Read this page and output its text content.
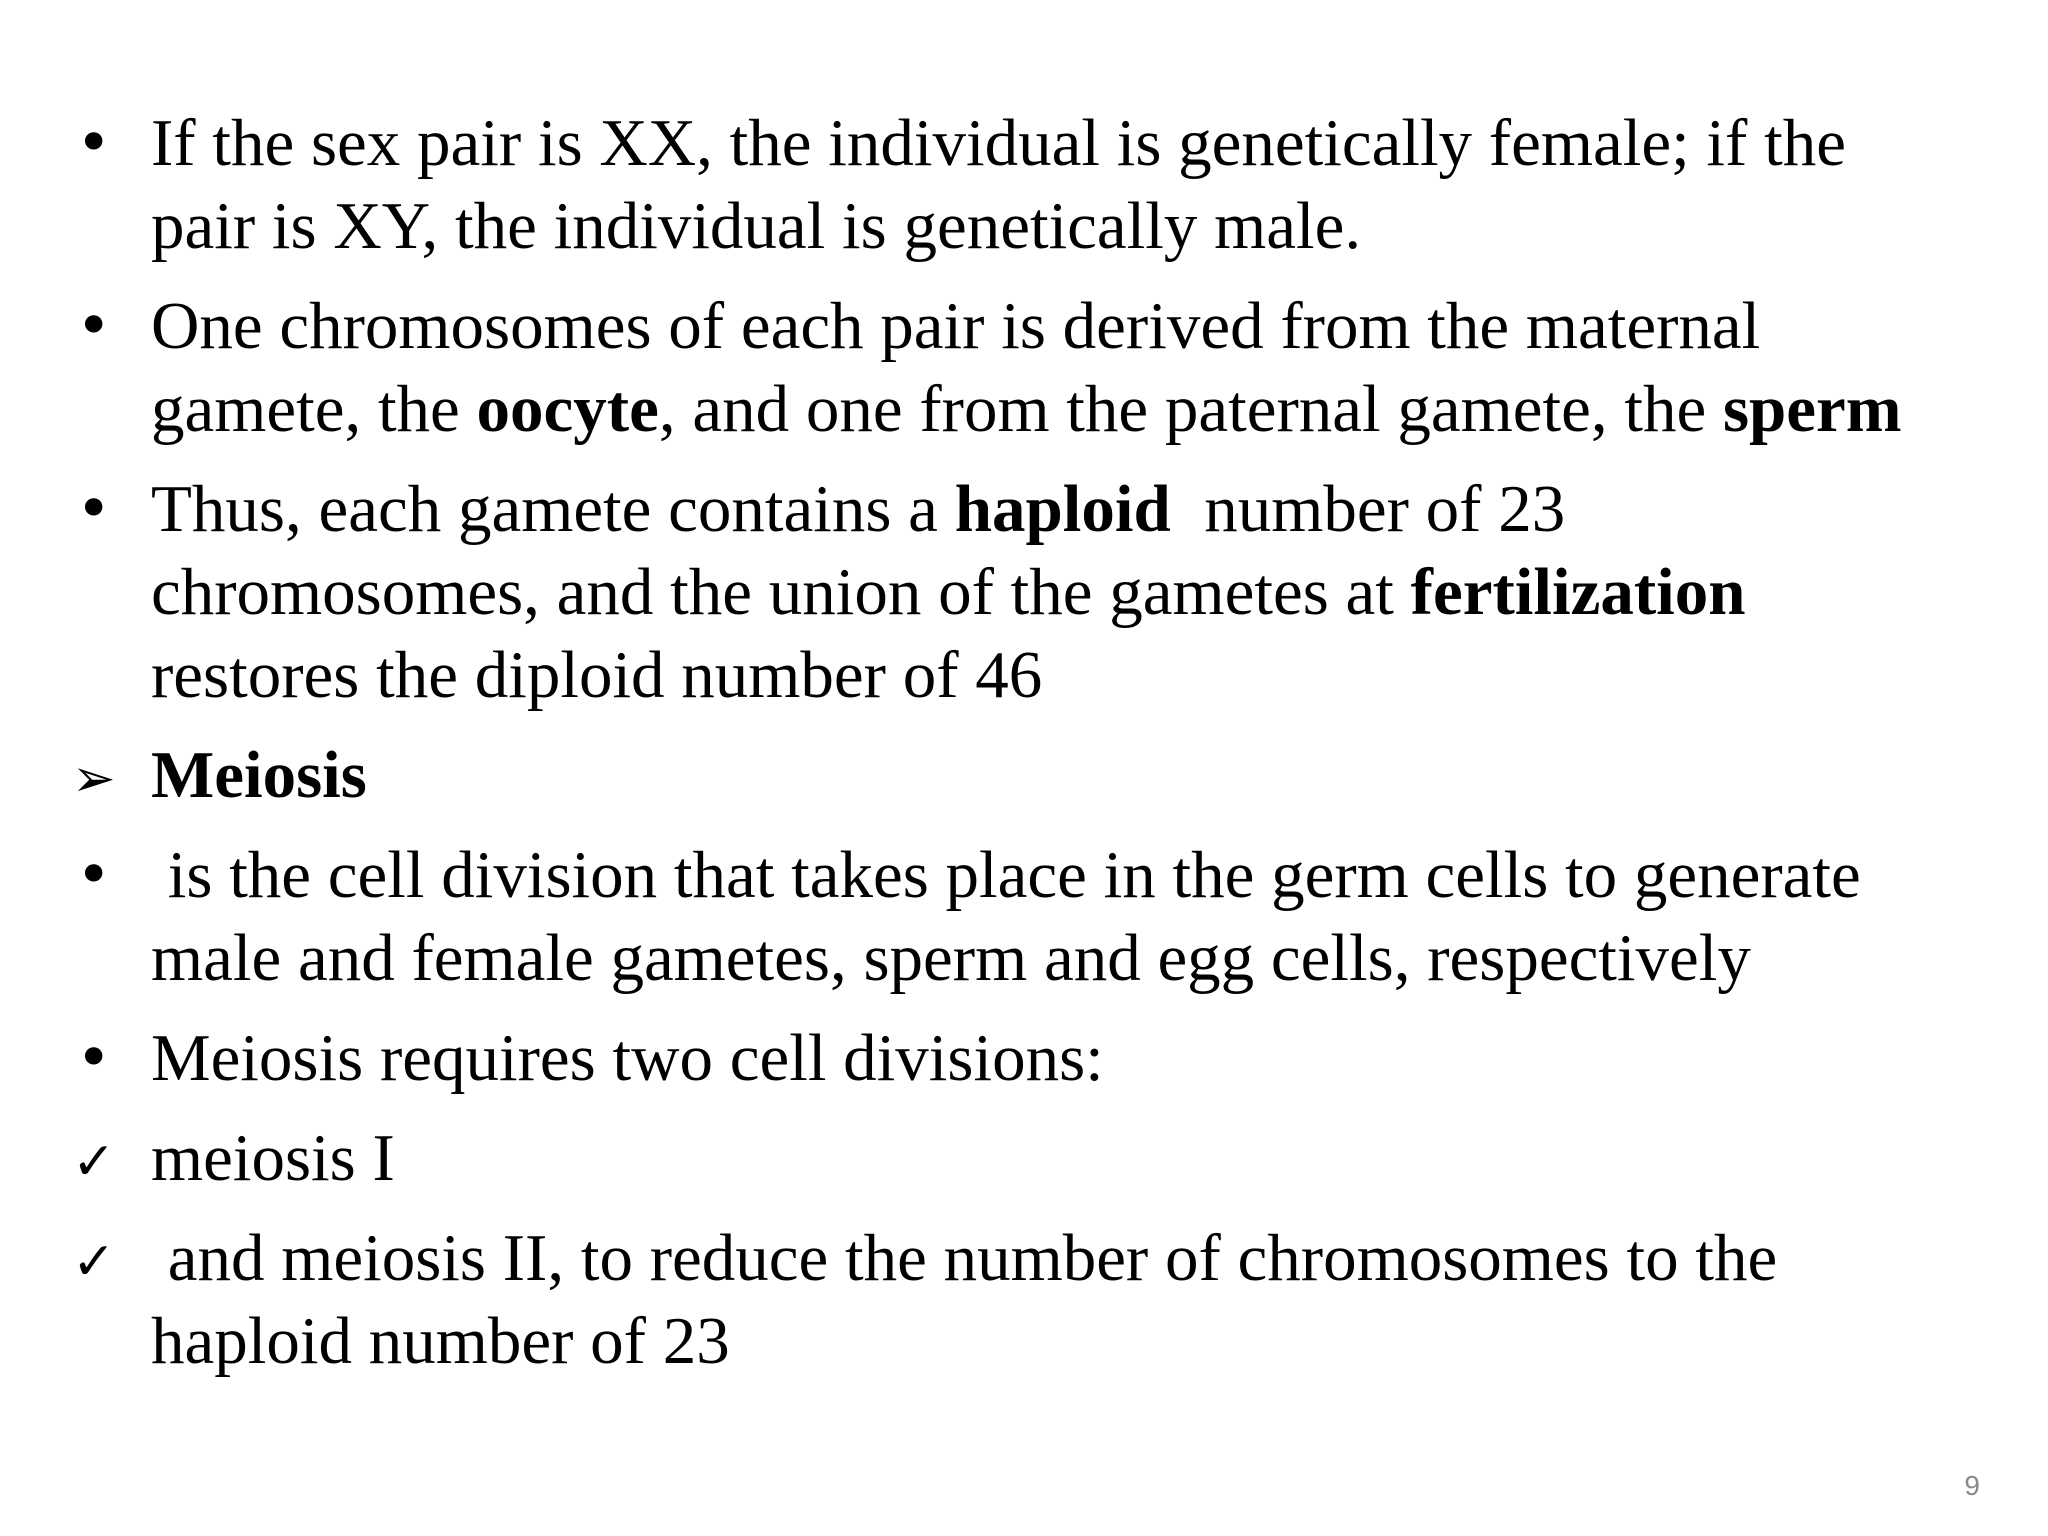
• If the sex pair is XX, the individual is genetically female; if the pair is XY, the individual is genetically male.
• One chromosomes of each pair is derived from the maternal gamete, the oocyte, and one from the paternal gamete, the sperm
• Thus, each gamete contains a haploid  number of 23 chromosomes, and the union of the gametes at fertilization restores the diploid number of 46
➢ Meiosis
• is the cell division that takes place in the germ cells to generate male and female gametes, sperm and egg cells, respectively
• Meiosis requires two cell divisions:
✓ meiosis I
✓ and meiosis II, to reduce the number of chromosomes to the haploid number of 23
9
